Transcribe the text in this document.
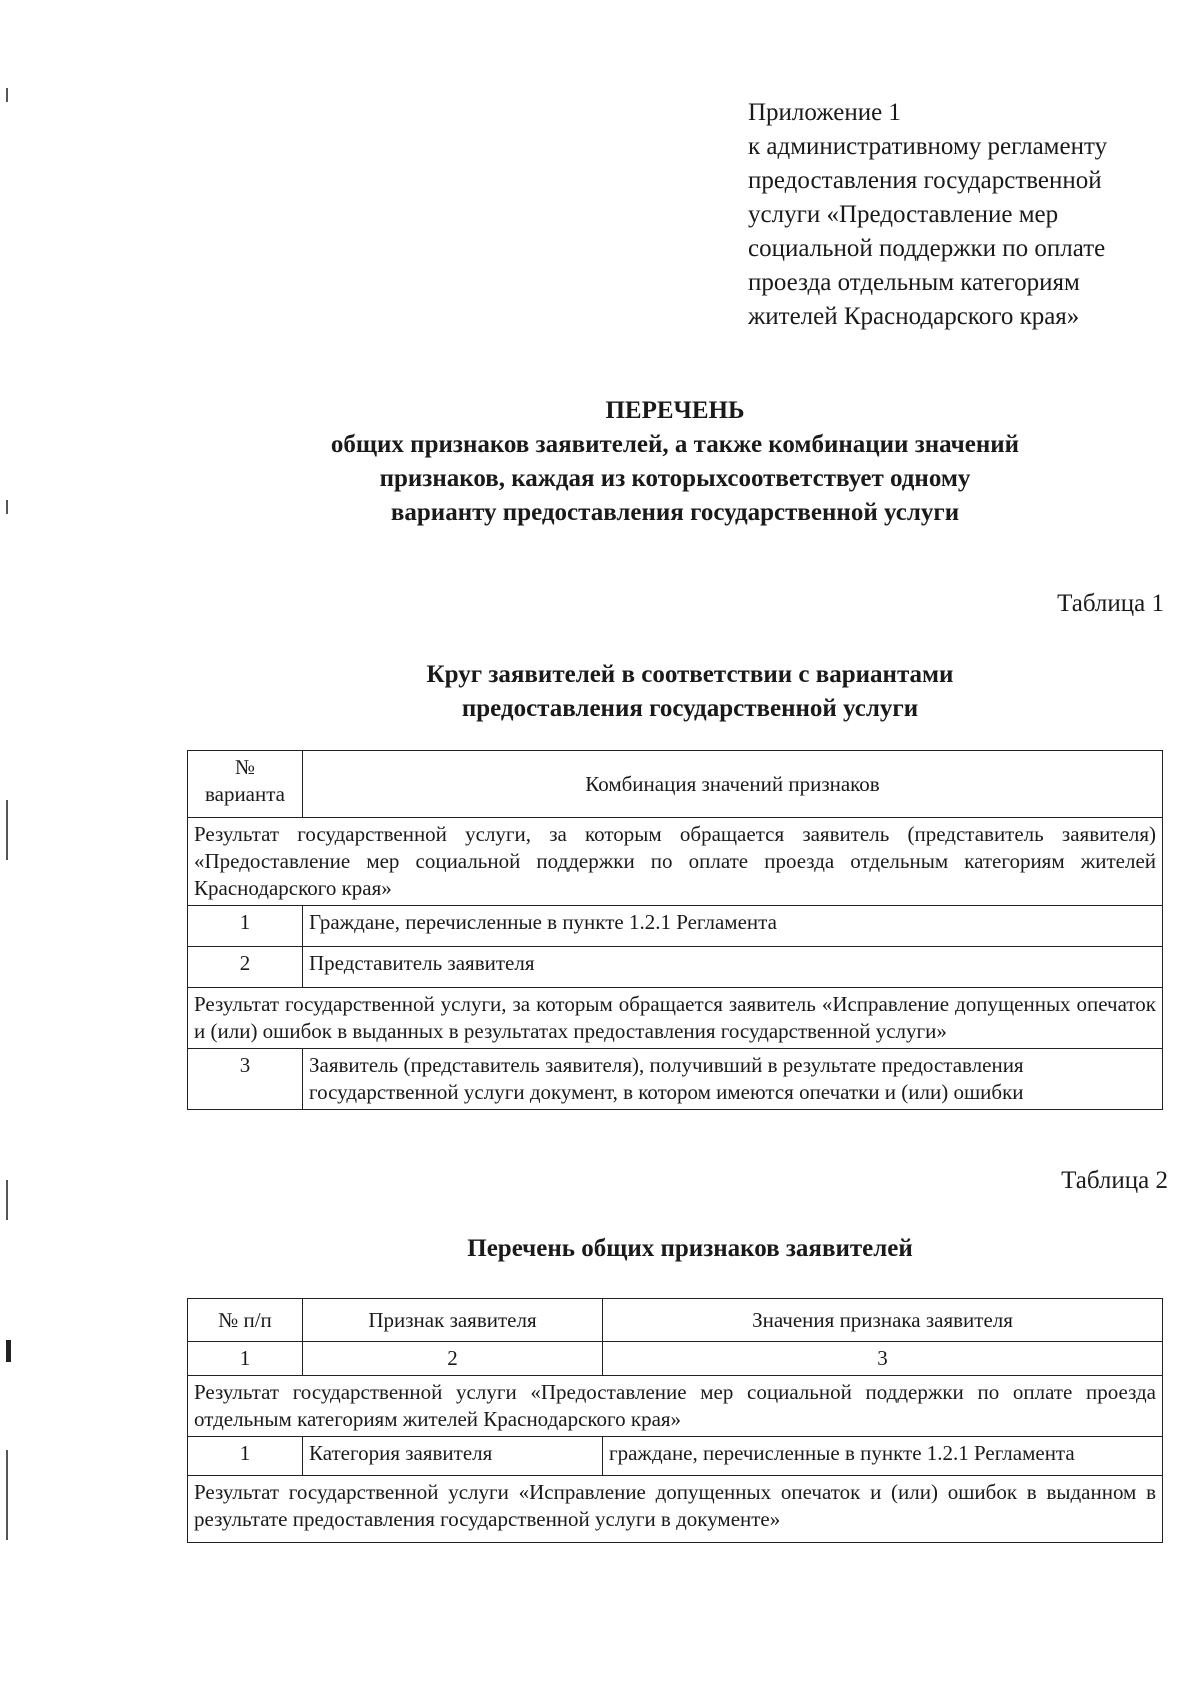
Приложение 1
к административному регламенту
предоставления государственной
услуги «Предоставление мер
социальной поддержки по оплате
проезда отдельным категориям
жителей Краснодарского края»
ПЕРЕЧЕНЬ
общих признаков заявителей, а также комбинации значений
признаков, каждая из которыхсоответствует одному
варианту предоставления государственной услуги
Таблица 1
Круг заявителей в соответствии с вариантами
предоставления государственной услуги
№ варианта	Комбинация значений признаков
Результат государственной услуги, за которым обращается заявитель (представитель заявителя) «Предоставление мер социальной поддержки по оплате проезда отдельным категориям жителей Краснодарского края»	
1	Граждане, перечисленные в пункте 1.2.1 Регламента
2	Представитель заявителя
Результат государственной услуги, за которым обращается заявитель «Исправление допущенных опечаток и (или) ошибок в выданных в результатах предоставления государственной услуги»	
3	Заявитель (представитель заявителя), получивший в результате предоставления государственной услуги документ, в котором имеются опечатки и (или) ошибки
Таблица 2
Перечень общих признаков заявителей
№ п/п	Признак заявителя	Значения признака заявителя
1	2	3
Результат государственной услуги «Предоставление мер социальной поддержки по оплате проезда отдельным категориям жителей Краснодарского края»		
1	Категория заявителя	граждане, перечисленные в пункте 1.2.1 Регламента
Результат государственной услуги «Исправление допущенных опечаток и (или) ошибок в выданном в результате предоставления государственной услуги в документе»		
